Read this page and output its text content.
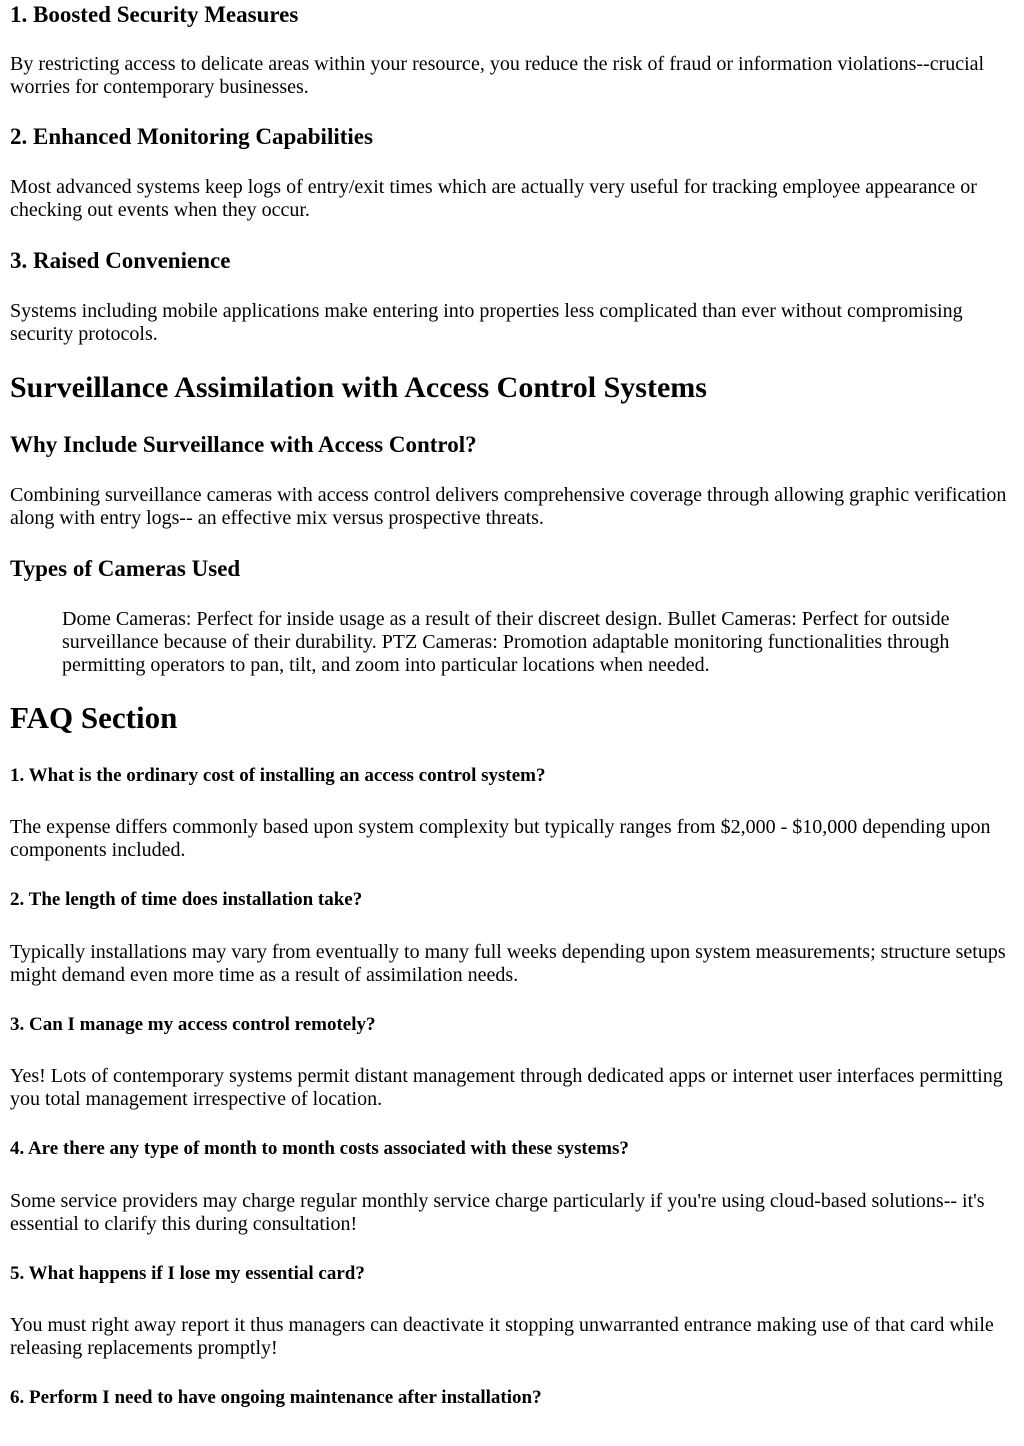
1. Boosted Security Measures

By restricting access to delicate areas within your resource, you reduce the risk of fraud or information violations--crucial worries for contemporary businesses.

2. Enhanced Monitoring Capabilities

Most advanced systems keep logs of entry/exit times which are actually very useful for tracking employee appearance or checking out events when they occur.

3. Raised Convenience

Systems including mobile applications make entering into properties less complicated than ever without compromising security protocols.

Surveillance Assimilation with Access Control Systems
Why Include Surveillance with Access Control?

Combining surveillance cameras with access control delivers comprehensive coverage through allowing graphic verification along with entry logs-- an effective mix versus prospective threats.

Types of Cameras Used

Dome Cameras: Perfect for inside usage as a result of their discreet design. Bullet Cameras: Perfect for outside surveillance because of their durability. PTZ Cameras: Promotion adaptable monitoring functionalities through permitting operators to pan, tilt, and zoom into particular locations when needed.

FAQ Section
1. What is the ordinary cost of installing an access control system?

The expense differs commonly based upon system complexity but typically ranges from $2,000 - $10,000 depending upon components included.

2. The length of time does installation take?

Typically installations may vary from eventually to many full weeks depending upon system measurements; structure setups might demand even more time as a result of assimilation needs.

3. Can I manage my access control remotely?

Yes! Lots of contemporary systems permit distant management through dedicated apps or internet user interfaces permitting you total management irrespective of location.

4. Are there any type of month to month costs associated with these systems?

Some service providers may charge regular monthly service charge particularly if you're using cloud-based solutions-- it's essential to clarify this during consultation!

5. What happens if I lose my essential card?

You must right away report it thus managers can deactivate it stopping unwarranted entrance making use of that card while releasing replacements promptly!

6. Perform I need to have ongoing maintenance after installation?
